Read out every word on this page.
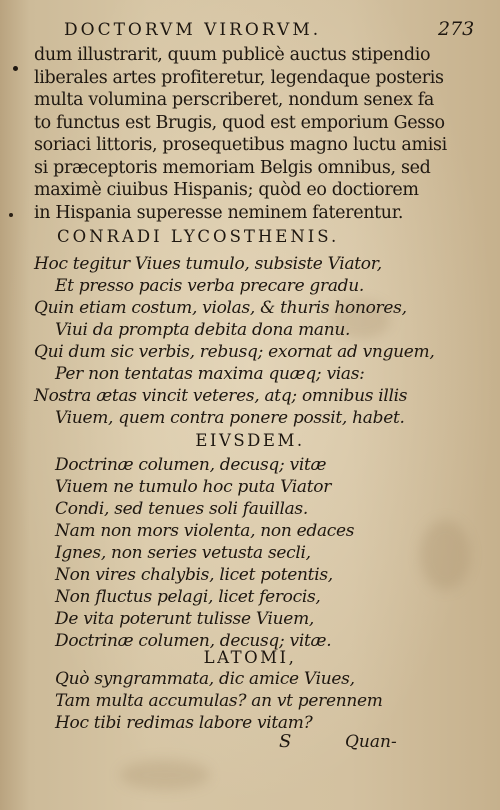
DOCTORVM VIRORVM.	273
dum illustrarit, quum publicè auctus stipendio
liberales artes profiteretur, legendaque posteris
multa volumina perscriberet, nondum senex fa
to functus est Brugis, quod est emporium Gesso
soriaci littoris, prosequetibus magno luctu amisi
si præceptoris memoriam Belgis omnibus, sed
maximè ciuibus Hispanis; quòd eo doctiorem
in Hispania superesse neminem faterentur.
CONRADI LYCOSTHENIS.
Hoc tegitur Viues tumulo, subsiste Viator,
Et presso pacis verba precare gradu.
Quin etiam costum, violas, & thuris honores,
Viui da prompta debita dona manu.
Qui dum sic verbis, rebusq; exornat ad vnguem,
Per non tentatas maxima quæq; vias:
Nostra ætas vincit veteres, atq; omnibus illis
Viuem, quem contra ponere possit, habet.
EIVSDEM.
Doctrinæ columen, decusq; vitæ
Viuem ne tumulo hoc puta Viator
Condi, sed tenues soli fauillas.
Nam non mors violenta, non edaces
Ignes, non series vetusta secli,
Non vires chalybis, licet potentis,
Non fluctus pelagi, licet ferocis,
De vita poterunt tulisse Viuem,
Doctrinæ columen, decusq; vitæ.
LATOMI,
Quò syngrammata, dic amice Viues,
Tam multa accumulas? an vt perennem
Hoc tibi redimas labore vitam?
S	Quan-
